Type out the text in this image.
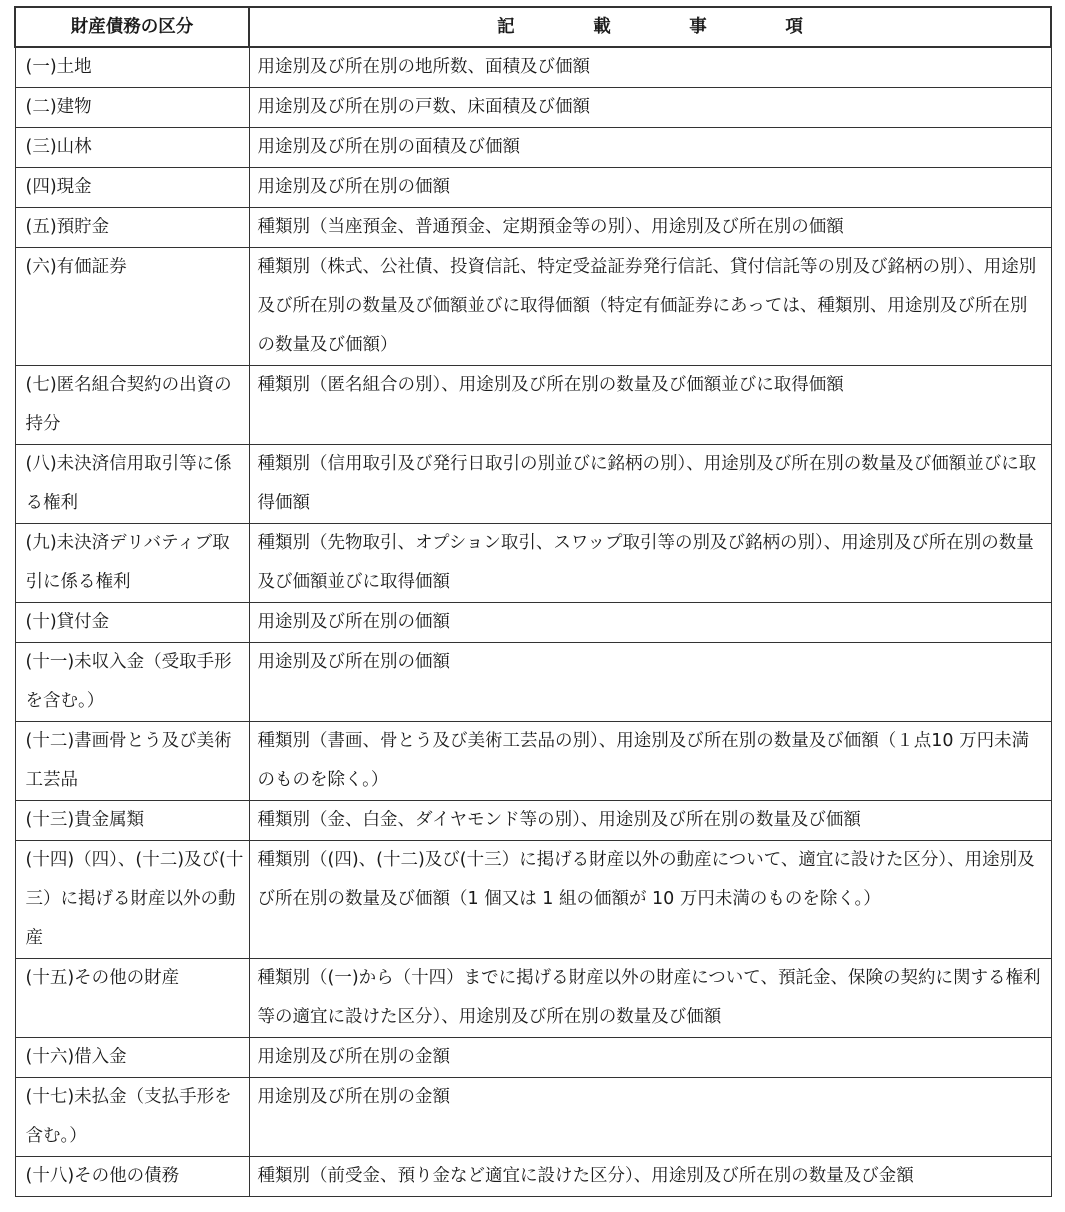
財産債務の区分	記 載 事 項
(一)土地	用途別及び所在別の地所数、面積及び価額
(二)建物	用途別及び所在別の戸数、床面積及び価額
(三)山林	用途別及び所在別の面積及び価額
(四)現金	用途別及び所在別の価額
(五)預貯金	種類別（当座預金、普通預金、定期預金等の別）、用途別及び所在別の価額
(六)有価証券	種類別（株式、公社債、投資信託、特定受益証券発行信託、貸付信託等の別及び銘柄の別）、用途別及び所在別の数量及び価額並びに取得価額（特定有価証券にあっては、種類別、用途別及び所在別の数量及び価額）
(七)匿名組合契約の出資の持分	種類別（匿名組合の別）、用途別及び所在別の数量及び価額並びに取得価額
(八)未決済信用取引等に係る権利	種類別（信用取引及び発行日取引の別並びに銘柄の別）、用途別及び所在別の数量及び価額並びに取得価額
(九)未決済デリバティブ取引に係る権利	種類別（先物取引、オプション取引、スワップ取引等の別及び銘柄の別）、用途別及び所在別の数量及び価額並びに取得価額
(十)貸付金	用途別及び所在別の価額
(十一)未収入金（受取手形を含む。）	用途別及び所在別の価額
(十二)書画骨とう及び美術工芸品	種類別（書画、骨とう及び美術工芸品の別）、用途別及び所在別の数量及び価額（１点10 万円未満のものを除く。）
(十三)貴金属類	種類別（金、白金、ダイヤモンド等の別）、用途別及び所在別の数量及び価額
(十四)（四）、(十二)及び(十三）に掲げる財産以外の動産	種類別（(四)、(十二)及び(十三）に掲げる財産以外の動産について、適宜に設けた区分）、用途別及び所在別の数量及び価額（1 個又は 1 組の価額が 10 万円未満のものを除く。）
(十五)その他の財産	種類別（(一)から（十四）までに掲げる財産以外の財産について、預託金、保険の契約に関する権利等の適宜に設けた区分）、用途別及び所在別の数量及び価額
(十六)借入金	用途別及び所在別の金額
(十七)未払金（支払手形を含む。）	用途別及び所在別の金額
(十八)その他の債務	種類別（前受金、預り金など適宜に設けた区分）、用途別及び所在別の数量及び金額
